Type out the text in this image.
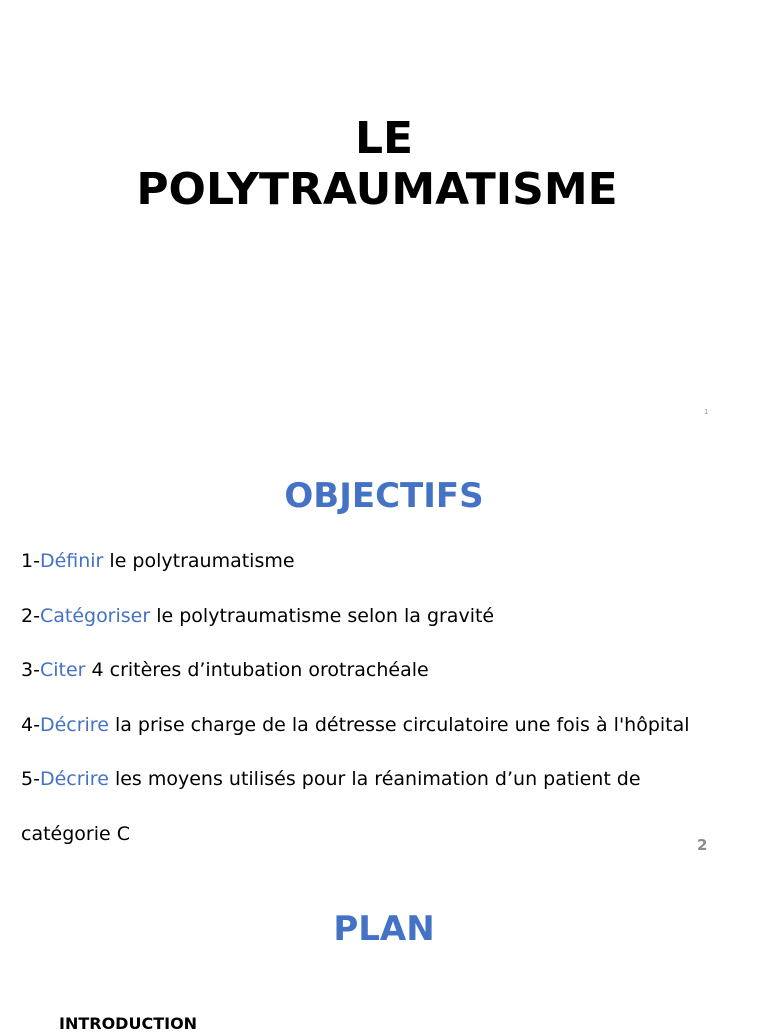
LE
POLYTRAUMATISME
1
OBJECTIFS
1-Définir le polytraumatisme
2-Catégoriser le polytraumatisme selon la gravité
3-Citer 4 critères d’intubation orotrachéale
4-Décrire la prise charge de la détresse circulatoire une fois à l'hôpital
5-Décrire les moyens utilisés pour la réanimation d’un patient de
catégorie C
2
PLAN
INTRODUCTION
